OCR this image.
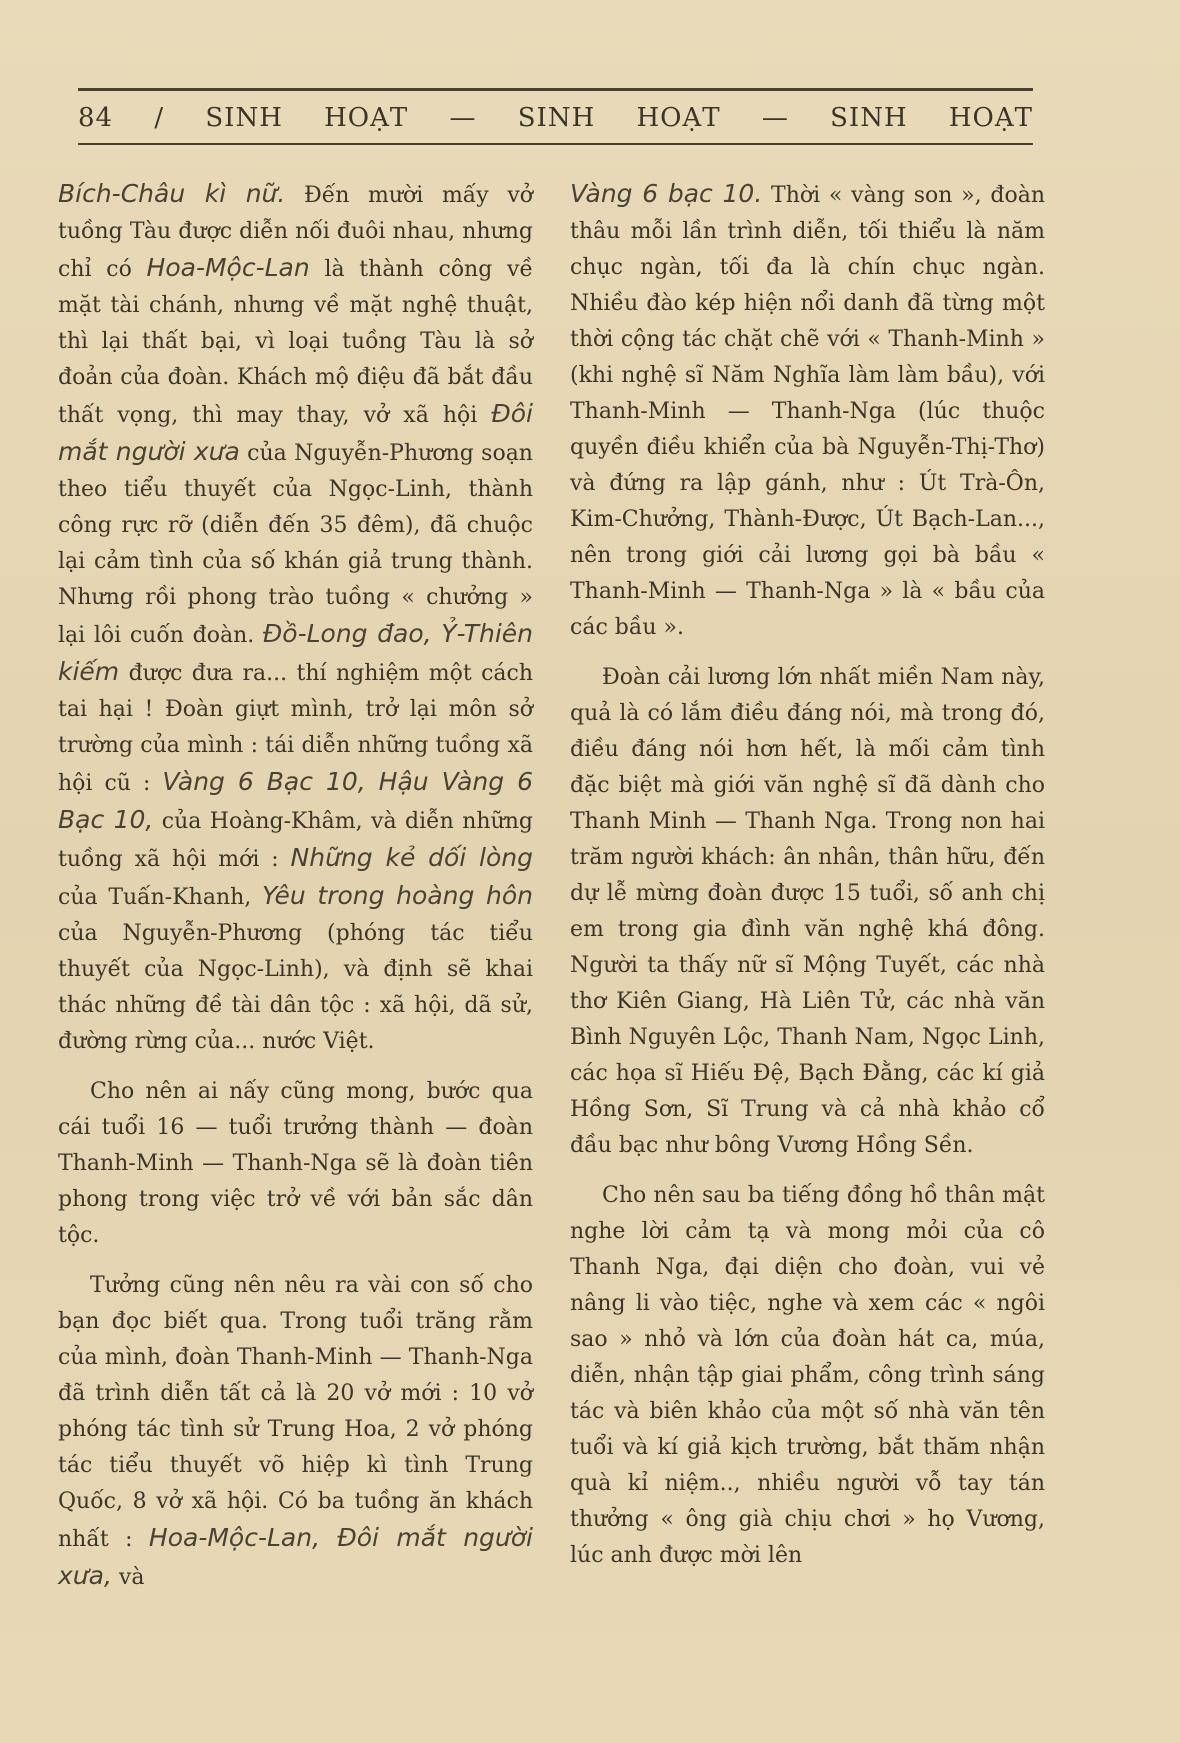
84 / SINH HOẠT — SINH HOẠT — SINH HOẠT

Bích-Châu kì nữ. Đến mười mấy vở tuồng Tàu được diễn nối đuôi nhau, nhưng chỉ có Hoa-Mộc-Lan là thành công về mặt tài chánh, nhưng về mặt nghệ thuật, thì lại thất bại, vì loại tuồng Tàu là sở đoản của đoàn. Khách mộ điệu đã bắt đầu thất vọng, thì may thay, vở xã hội Đôi mắt người xưa của Nguyễn-Phương soạn theo tiểu thuyết của Ngọc-Linh, thành công rực rỡ (diễn đến 35 đêm), đã chuộc lại cảm tình của số khán giả trung thành. Nhưng rồi phong trào tuồng « chưởng » lại lôi cuốn đoàn. Đồ-Long đao, Ỷ-Thiên kiếm được đưa ra... thí nghiệm một cách tai hại ! Đoàn giựt mình, trở lại môn sở trường của mình : tái diễn những tuồng xã hội cũ : Vàng 6 Bạc 10, Hậu Vàng 6 Bạc 10, của Hoàng-Khâm, và diễn những tuồng xã hội mới : Những kẻ dối lòng của Tuấn-Khanh, Yêu trong hoàng hôn của Nguyễn-Phương (phóng tác tiểu thuyết của Ngọc-Linh), và định sẽ khai thác những đề tài dân tộc : xã hội, dã sử, đường rừng của... nước Việt.

Cho nên ai nấy cũng mong, bước qua cái tuổi 16 — tuổi trưởng thành — đoàn Thanh-Minh — Thanh-Nga sẽ là đoàn tiên phong trong việc trở về với bản sắc dân tộc.

Tưởng cũng nên nêu ra vài con số cho bạn đọc biết qua. Trong tuổi trăng rằm của mình, đoàn Thanh-Minh — Thanh-Nga đã trình diễn tất cả là 20 vở mới : 10 vở phóng tác tình sử Trung Hoa, 2 vở phóng tác tiểu thuyết võ hiệp kì tình Trung Quốc, 8 vở xã hội. Có ba tuồng ăn khách nhất : Hoa-Mộc-Lan, Đôi mắt người xưa, và

Vàng 6 bạc 10. Thời « vàng son », đoàn thâu mỗi lần trình diễn, tối thiểu là năm chục ngàn, tối đa là chín chục ngàn. Nhiều đào kép hiện nổi danh đã từng một thời cộng tác chặt chẽ với « Thanh-Minh » (khi nghệ sĩ Năm Nghĩa làm làm bầu), với Thanh-Minh — Thanh-Nga (lúc thuộc quyền điều khiển của bà Nguyễn-Thị-Thơ) và đứng ra lập gánh, như : Út Trà-Ôn, Kim-Chưởng, Thành-Được, Út Bạch-Lan..., nên trong giới cải lương gọi bà bầu « Thanh-Minh — Thanh-Nga » là « bầu của các bầu ».

Đoàn cải lương lớn nhất miền Nam này, quả là có lắm điều đáng nói, mà trong đó, điều đáng nói hơn hết, là mối cảm tình đặc biệt mà giới văn nghệ sĩ đã dành cho Thanh Minh — Thanh Nga. Trong non hai trăm người khách: ân nhân, thân hữu, đến dự lễ mừng đoàn được 15 tuổi, số anh chị em trong gia đình văn nghệ khá đông. Người ta thấy nữ sĩ Mộng Tuyết, các nhà thơ Kiên Giang, Hà Liên Tử, các nhà văn Bình Nguyên Lộc, Thanh Nam, Ngọc Linh, các họa sĩ Hiếu Đệ, Bạch Đằng, các kí giả Hồng Sơn, Sĩ Trung và cả nhà khảo cổ đầu bạc như bông Vương Hồng Sền.

Cho nên sau ba tiếng đồng hồ thân mật nghe lời cảm tạ và mong mỏi của cô Thanh Nga, đại diện cho đoàn, vui vẻ nâng li vào tiệc, nghe và xem các « ngôi sao » nhỏ và lớn của đoàn hát ca, múa, diễn, nhận tập giai phẩm, công trình sáng tác và biên khảo của một số nhà văn tên tuổi và kí giả kịch trường, bắt thăm nhận quà kỉ niệm.., nhiều người vỗ tay tán thưởng « ông già chịu chơi » họ Vương, lúc anh được mời lên
